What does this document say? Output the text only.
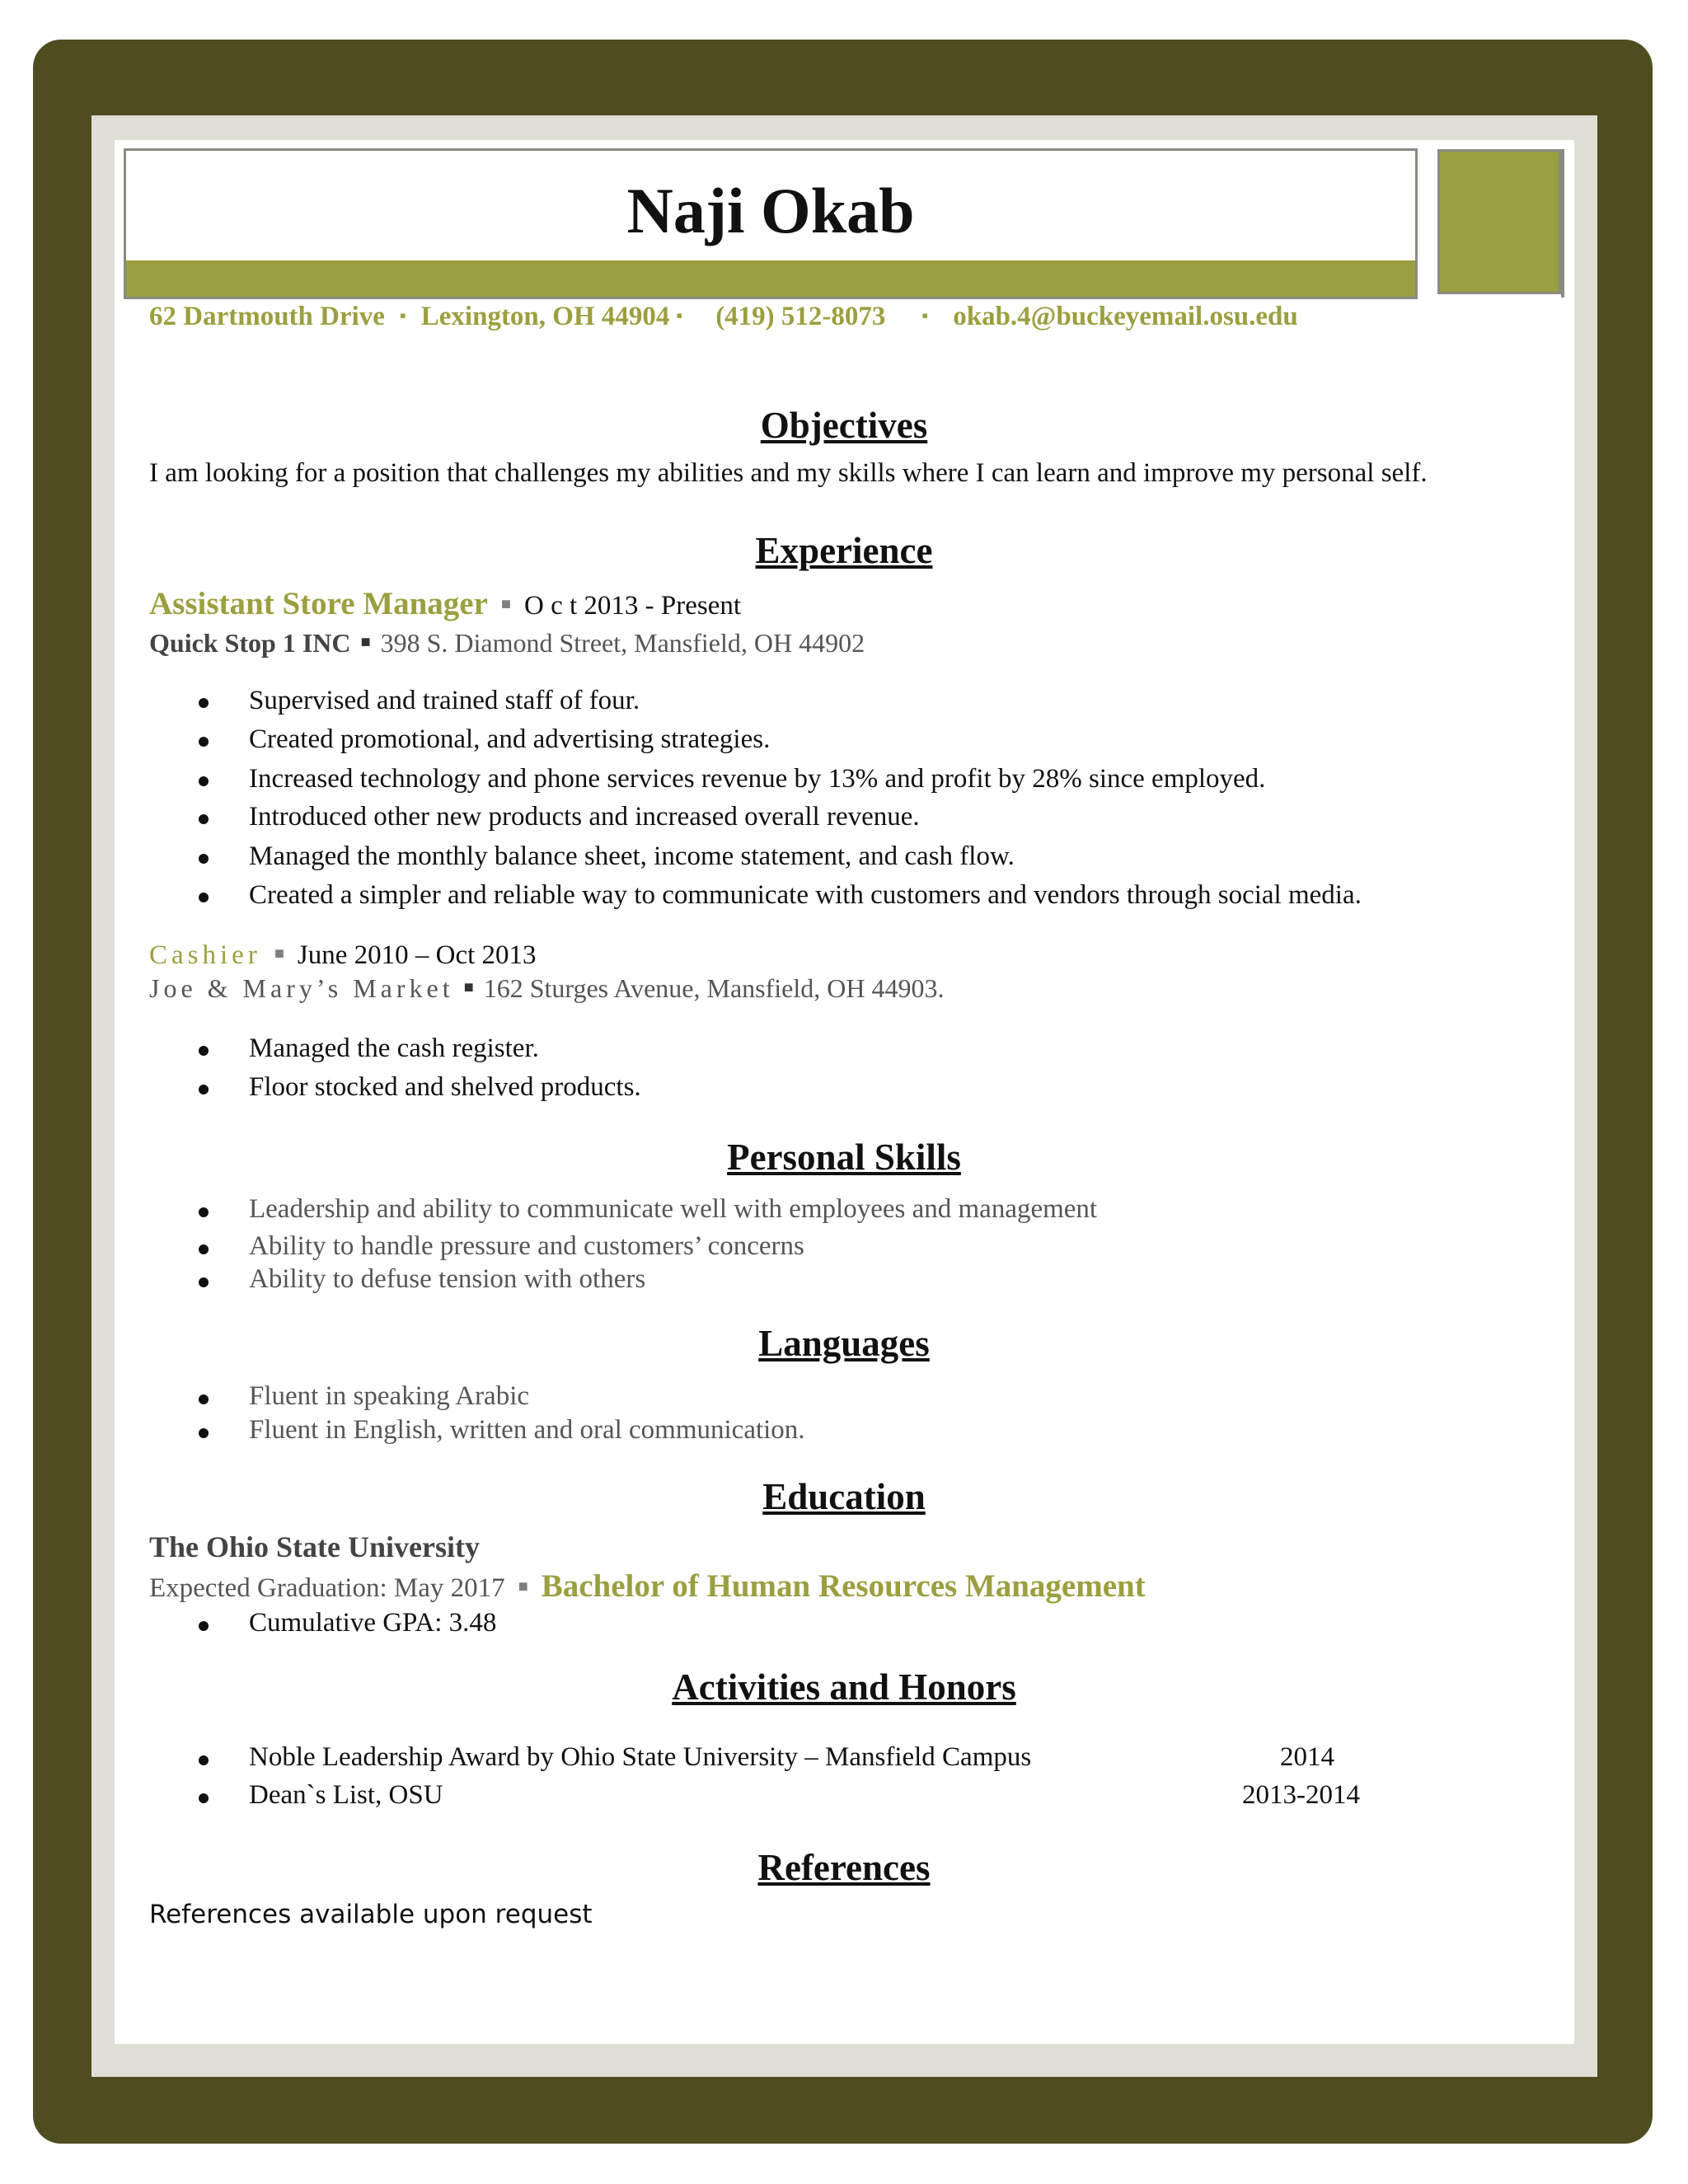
Naji Okab
62 Dartmouth Drive ▪ Lexington, OH 44904 ▪ (419) 512-8073 ▪ okab.4@buckeyemail.osu.edu
Objectives
I am looking for a position that challenges my abilities and my skills where I can learn and improve my personal self.
Experience
Assistant Store Manager ■ O c t 2013 - Present
Quick Stop 1 INC ■ 398 S. Diamond Street, Mansfield, OH 44902
Supervised and trained staff of four.
Created promotional, and advertising strategies.
Increased technology and phone services revenue by 13% and profit by 28% since employed.
Introduced other new products and increased overall revenue.
Managed the monthly balance sheet, income statement, and cash flow.
Created a simpler and reliable way to communicate with customers and vendors through social media.
Cashier ■ June 2010 – Oct 2013
Joe & Mary’s Market ■ 162 Sturges Avenue, Mansfield, OH 44903.
Managed the cash register.
Floor stocked and shelved products.
Personal Skills
Leadership and ability to communicate well with employees and management
Ability to handle pressure and customers’ concerns
Ability to defuse tension with others
Languages
Fluent in speaking Arabic
Fluent in English, written and oral communication.
Education
The Ohio State University
Expected Graduation: May 2017 ■ Bachelor of Human Resources Management
Cumulative GPA: 3.48
Activities and Honors
Noble Leadership Award by Ohio State University – Mansfield Campus	2014
Dean`s List, OSU	2013-2014
References
References available upon request
